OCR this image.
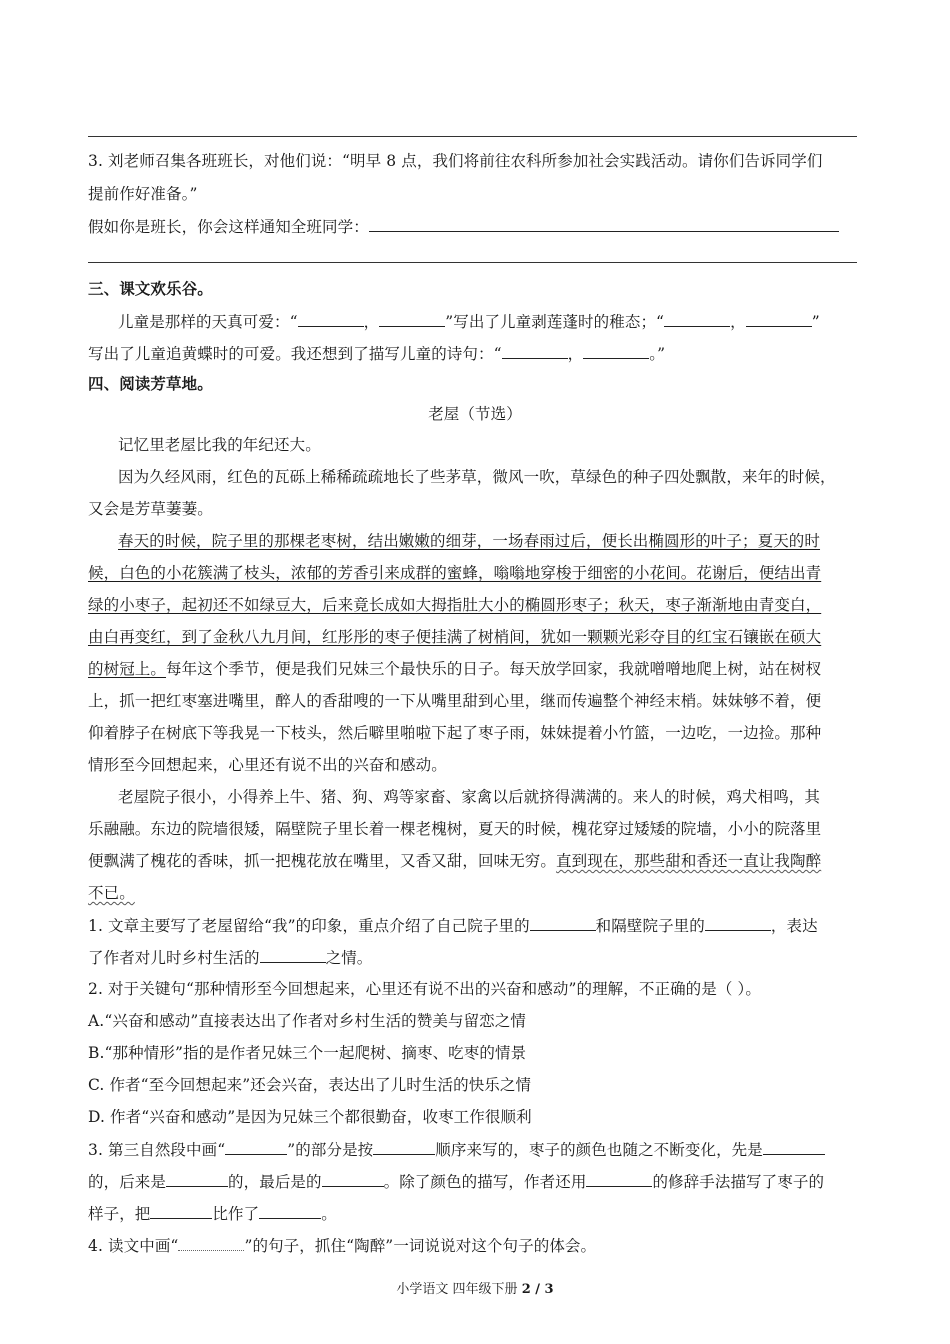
3. 刘老师召集各班班长，对他们说：“明早 8 点，我们将前往农科所参加社会实践活动。请你们告诉同学们
提前作好准备。”
假如你是班长，你会这样通知全班同学：
三、课文欢乐谷。
儿童是那样的天真可爱：“	，	”写出了儿童剥莲蓬时的稚态；“	，	”
写出了儿童追黄蝶时的可爱。我还想到了描写儿童的诗句：“	，	。”
四、阅读芳草地。
老屋（节选）
记忆里老屋比我的年纪还大。
因为久经风雨，红色的瓦砾上稀稀疏疏地长了些茅草，微风一吹，草绿色的种子四处飘散，来年的时候，
又会是芳草萋萋。
春天的时候，院子里的那棵老枣树，结出嫩嫩的细芽，一场春雨过后，便长出椭圆形的叶子；夏天的时
候，白色的小花簇满了枝头，浓郁的芳香引来成群的蜜蜂，嗡嗡地穿梭于细密的小花间。花谢后，便结出青
绿的小枣子，起初还不如绿豆大，后来竟长成如大拇指肚大小的椭圆形枣子；秋天，枣子渐渐地由青变白，
由白再变红，到了金秋八九月间，红彤彤的枣子便挂满了树梢间，犹如一颗颗光彩夺目的红宝石镶嵌在硕大
的树冠上。每年这个季节，便是我们兄妹三个最快乐的日子。每天放学回家，我就噌噌地爬上树，站在树杈
上，抓一把红枣塞进嘴里，醉人的香甜嗖的一下从嘴里甜到心里，继而传遍整个神经末梢。妹妹够不着，便
仰着脖子在树底下等我晃一下枝头，然后噼里啪啦下起了枣子雨，妹妹提着小竹篮，一边吃，一边捡。那种
情形至今回想起来，心里还有说不出的兴奋和感动。
老屋院子很小，小得养上牛、猪、狗、鸡等家畜、家禽以后就挤得满满的。来人的时候，鸡犬相鸣，其
乐融融。东边的院墙很矮，隔壁院子里长着一棵老槐树，夏天的时候，槐花穿过矮矮的院墙，小小的院落里
便飘满了槐花的香味，抓一把槐花放在嘴里，又香又甜，回味无穷。直到现在，那些甜和香还一直让我陶醉
不已。
1. 文章主要写了老屋留给“我”的印象，重点介绍了自己院子里的	和隔壁院子里的	，表达
了作者对儿时乡村生活的	之情。
2. 对于关键句“那种情形至今回想起来，心里还有说不出的兴奋和感动”的理解，不正确的是（ ）。
A.“兴奋和感动”直接表达出了作者对乡村生活的赞美与留恋之情
B.“那种情形”指的是作者兄妹三个一起爬树、摘枣、吃枣的情景
C. 作者“至今回想起来”还会兴奋，表达出了儿时生活的快乐之情
D. 作者“兴奋和感动”是因为兄妹三个都很勤奋，收枣工作很顺利
3. 第三自然段中画“	”的部分是按	顺序来写的，枣子的颜色也随之不断变化，先是
的，后来是	的，最后是的	。除了颜色的描写，作者还用	的修辞手法描写了枣子的
样子，把	比作了	。
4. 读文中画“	”的句子，抓住“陶醉”一词说说对这个句子的体会。
小学语文 四年级下册 2 / 3
